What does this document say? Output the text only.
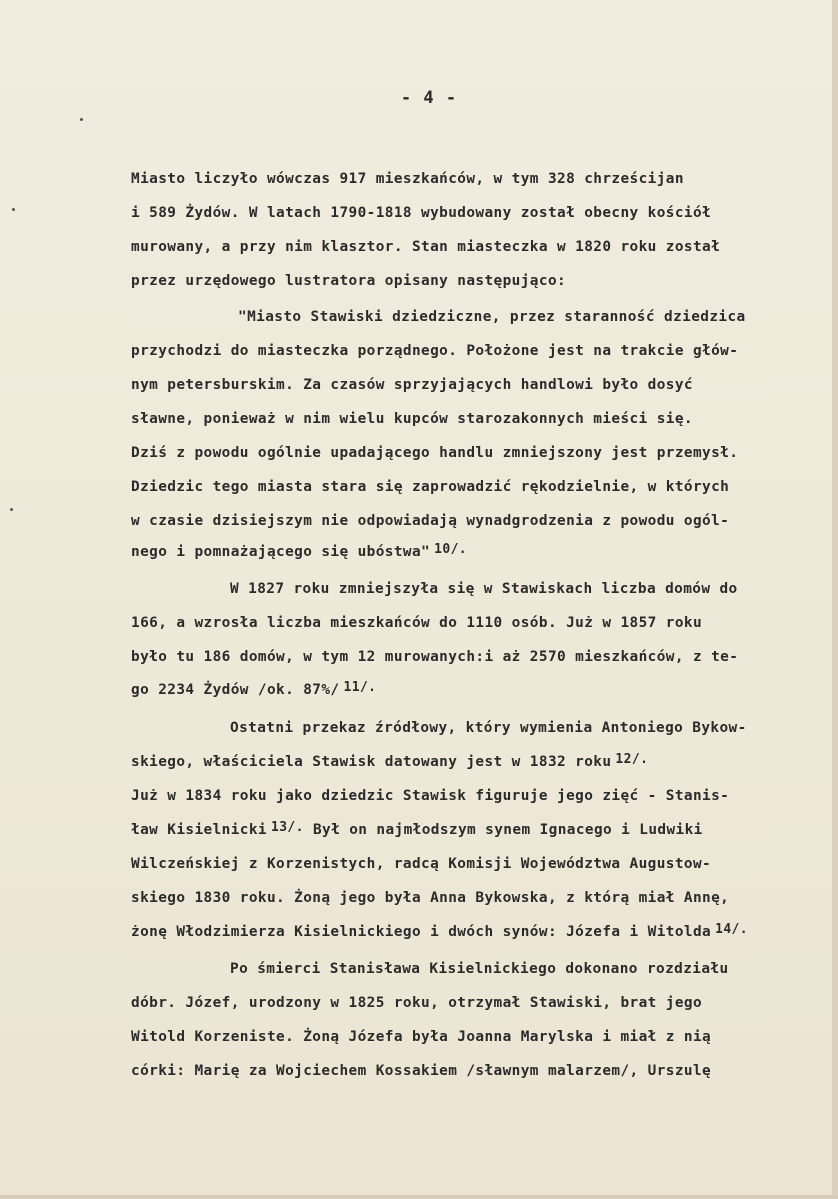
- 4 -
Miasto liczyło wówczas 917 mieszkańców, w tym 328 chrześcijan
i 589 Żydów. W latach 1790-1818 wybudowany został obecny kościół
murowany, a przy nim klasztor. Stan miasteczka w 1820 roku został
przez urzędowego lustratora opisany następująco:
"Miasto Stawiski dziedziczne, przez staranność dziedzica
przychodzi do miasteczka porządnego. Położone jest na trakcie głów-
nym petersburskim. Za czasów sprzyjających handlowi było dosyć
sławne, ponieważ w nim wielu kupców starozakonnych mieści się.
Dziś z powodu ogólnie upadającego handlu zmniejszony jest przemysł.
Dziedzic tego miasta stara się zaprowadzić rękodzielnie, w których
w czasie dzisiejszym nie odpowiadają wynadgrodzenia z powodu ogól-
nego i pomnażającego się ubóstwa" $^{10/.}$
W 1827 roku zmniejszyła się w Stawiskach liczba domów do
166, a wzrosła liczba mieszkańców do 1110 osób. Już w 1857 roku
było tu 186 domów, w tym 12 murowanych:i aż 2570 mieszkańców, z te-
go 2234 Żydów /ok. 87%/ $^{11/.}$
Ostatni przekaz źródłowy, który wymienia Antoniego Bykow-
skiego, właściciela Stawisk datowany jest w 1832 roku $^{12/.}$
Już w 1834 roku jako dziedzic Stawisk figuruje jego zięć - Stanis-
ław Kisielnicki $^{13/.}$ Był on najmłodszym synem Ignacego i Ludwiki
Wilczeńskiej z Korzenistych, radcą Komisji Województwa Augustow-
skiego 1830 roku. Żoną jego była Anna Bykowska, z którą miał Annę,
żonę Włodzimierza Kisielnickiego i dwóch synów: Józefa i Witolda $^{14/.}$
Po śmierci Stanisława Kisielnickiego dokonano rozdziału
dóbr. Józef, urodzony w 1825 roku, otrzymał Stawiski, brat jego
Witold Korzeniste. Żoną Józefa była Joanna Marylska i miał z nią
córki: Marię za Wojciechem Kossakiem /sławnym malarzem/, Urszulę
